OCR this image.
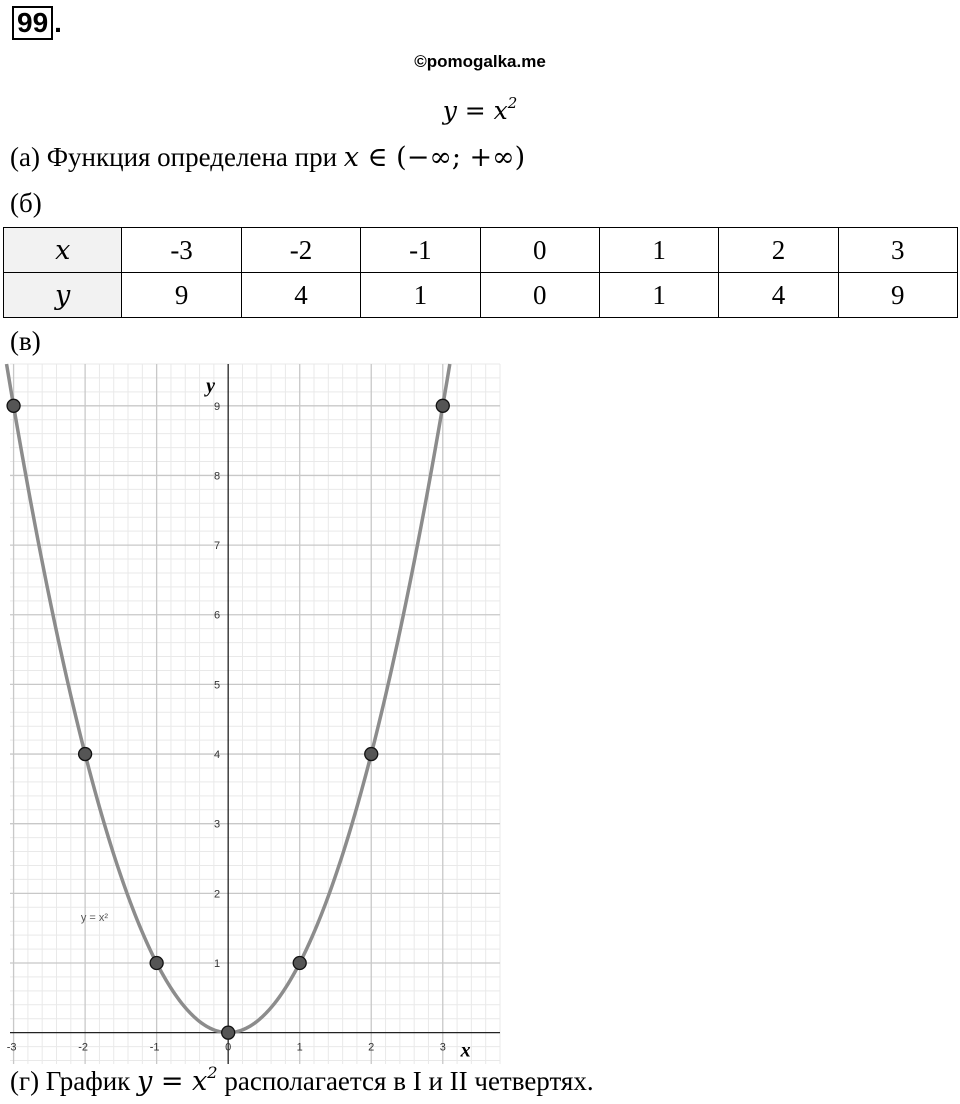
99 .
©pomogalka.me
$y = x^2$
(а) Функция определена при x ∈ (−∞; +∞)
(б)
x	-3	-2	-1	0	1	2	3
y	9	4	1	0	1	4	9
(в)
-3	-2	-1	0	1	2	3
1
2
3
4
5
6
7
8
9
y = x²
x
y
(г) График $y = x^2$ располагается в I и II четвертях.
